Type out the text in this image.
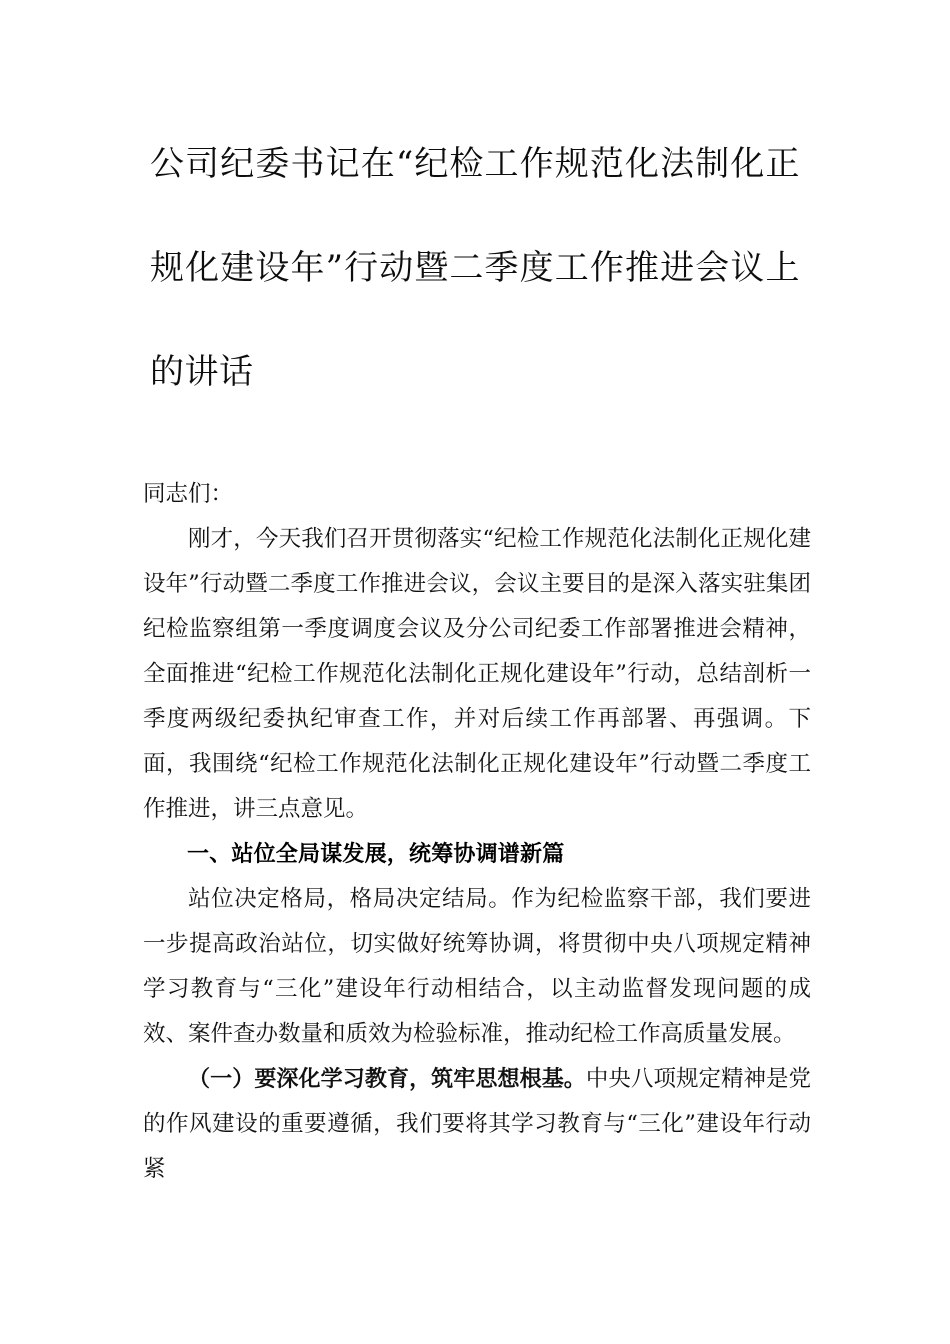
公司纪委书记在“纪检工作规范化法制化正规化建设年”行动暨二季度工作推进会议上的讲话

同志们：

刚才，今天我们召开贯彻落实“纪检工作规范化法制化正规化建设年”行动暨二季度工作推进会议，会议主要目的是深入落实驻集团纪检监察组第一季度调度会议及分公司纪委工作部署推进会精神，全面推进“纪检工作规范化法制化正规化建设年”行动，总结剖析一季度两级纪委执纪审查工作，并对后续工作再部署、再强调。下面，我围绕“纪检工作规范化法制化正规化建设年”行动暨二季度工作推进，讲三点意见。

一、站位全局谋发展，统筹协调谱新篇

站位决定格局，格局决定结局。作为纪检监察干部，我们要进一步提高政治站位，切实做好统筹协调，将贯彻中央八项规定精神学习教育与“三化”建设年行动相结合，以主动监督发现问题的成效、案件查办数量和质效为检验标准，推动纪检工作高质量发展。

（一）要深化学习教育，筑牢思想根基。中央八项规定精神是党的作风建设的重要遵循，我们要将其学习教育与“三化”建设年行动紧
